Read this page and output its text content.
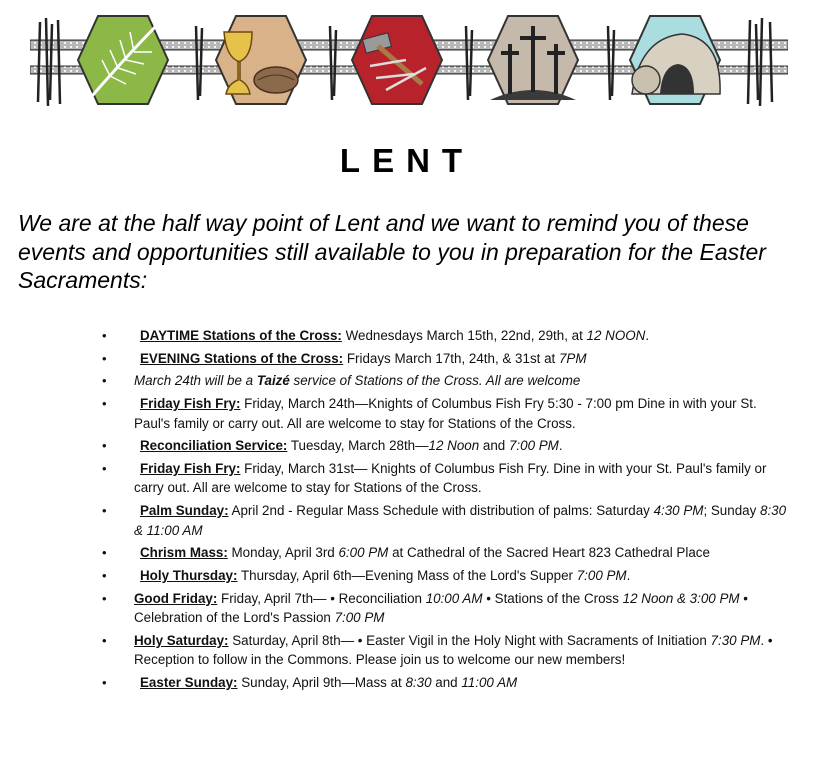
LENT
We are at the half way point of Lent and we want to remind you of these events and opportunities still available to you in preparation for the Easter Sacraments:
• DAYTIME Stations of the Cross: Wednesdays March 15th, 22nd, 29th, at 12 NOON.
• EVENING Stations of the Cross: Fridays March 17th, 24th, & 31st at 7PM
• March 24th will be a Taizé service of Stations of the Cross. All are welcome
• Friday Fish Fry: Friday, March 24th—Knights of Columbus Fish Fry 5:30 - 7:00 pm Dine in with your St. Paul's family or carry out. All are welcome to stay for Stations of the Cross.
• Reconciliation Service: Tuesday, March 28th—12 Noon and 7:00 PM.
• Friday Fish Fry: Friday, March 31st— Knights of Columbus Fish Fry. Dine in with your St. Paul's family or carry out. All are welcome to stay for Stations of the Cross.
• Palm Sunday: April 2nd - Regular Mass Schedule with distribution of palms: Saturday 4:30 PM; Sunday 8:30 & 11:00 AM
• Chrism Mass: Monday, April 3rd 6:00 PM at Cathedral of the Sacred Heart 823 Cathedral Place
• Holy Thursday: Thursday, April 6th—Evening Mass of the Lord's Supper 7:00 PM.
• Good Friday: Friday, April 7th— • Reconciliation 10:00 AM • Stations of the Cross 12 Noon & 3:00 PM • Celebration of the Lord's Passion 7:00 PM
• Holy Saturday: Saturday, April 8th— • Easter Vigil in the Holy Night with Sacraments of Initiation 7:30 PM. • Reception to follow in the Commons. Please join us to welcome our new members!
• Easter Sunday: Sunday, April 9th—Mass at 8:30 and 11:00 AM
